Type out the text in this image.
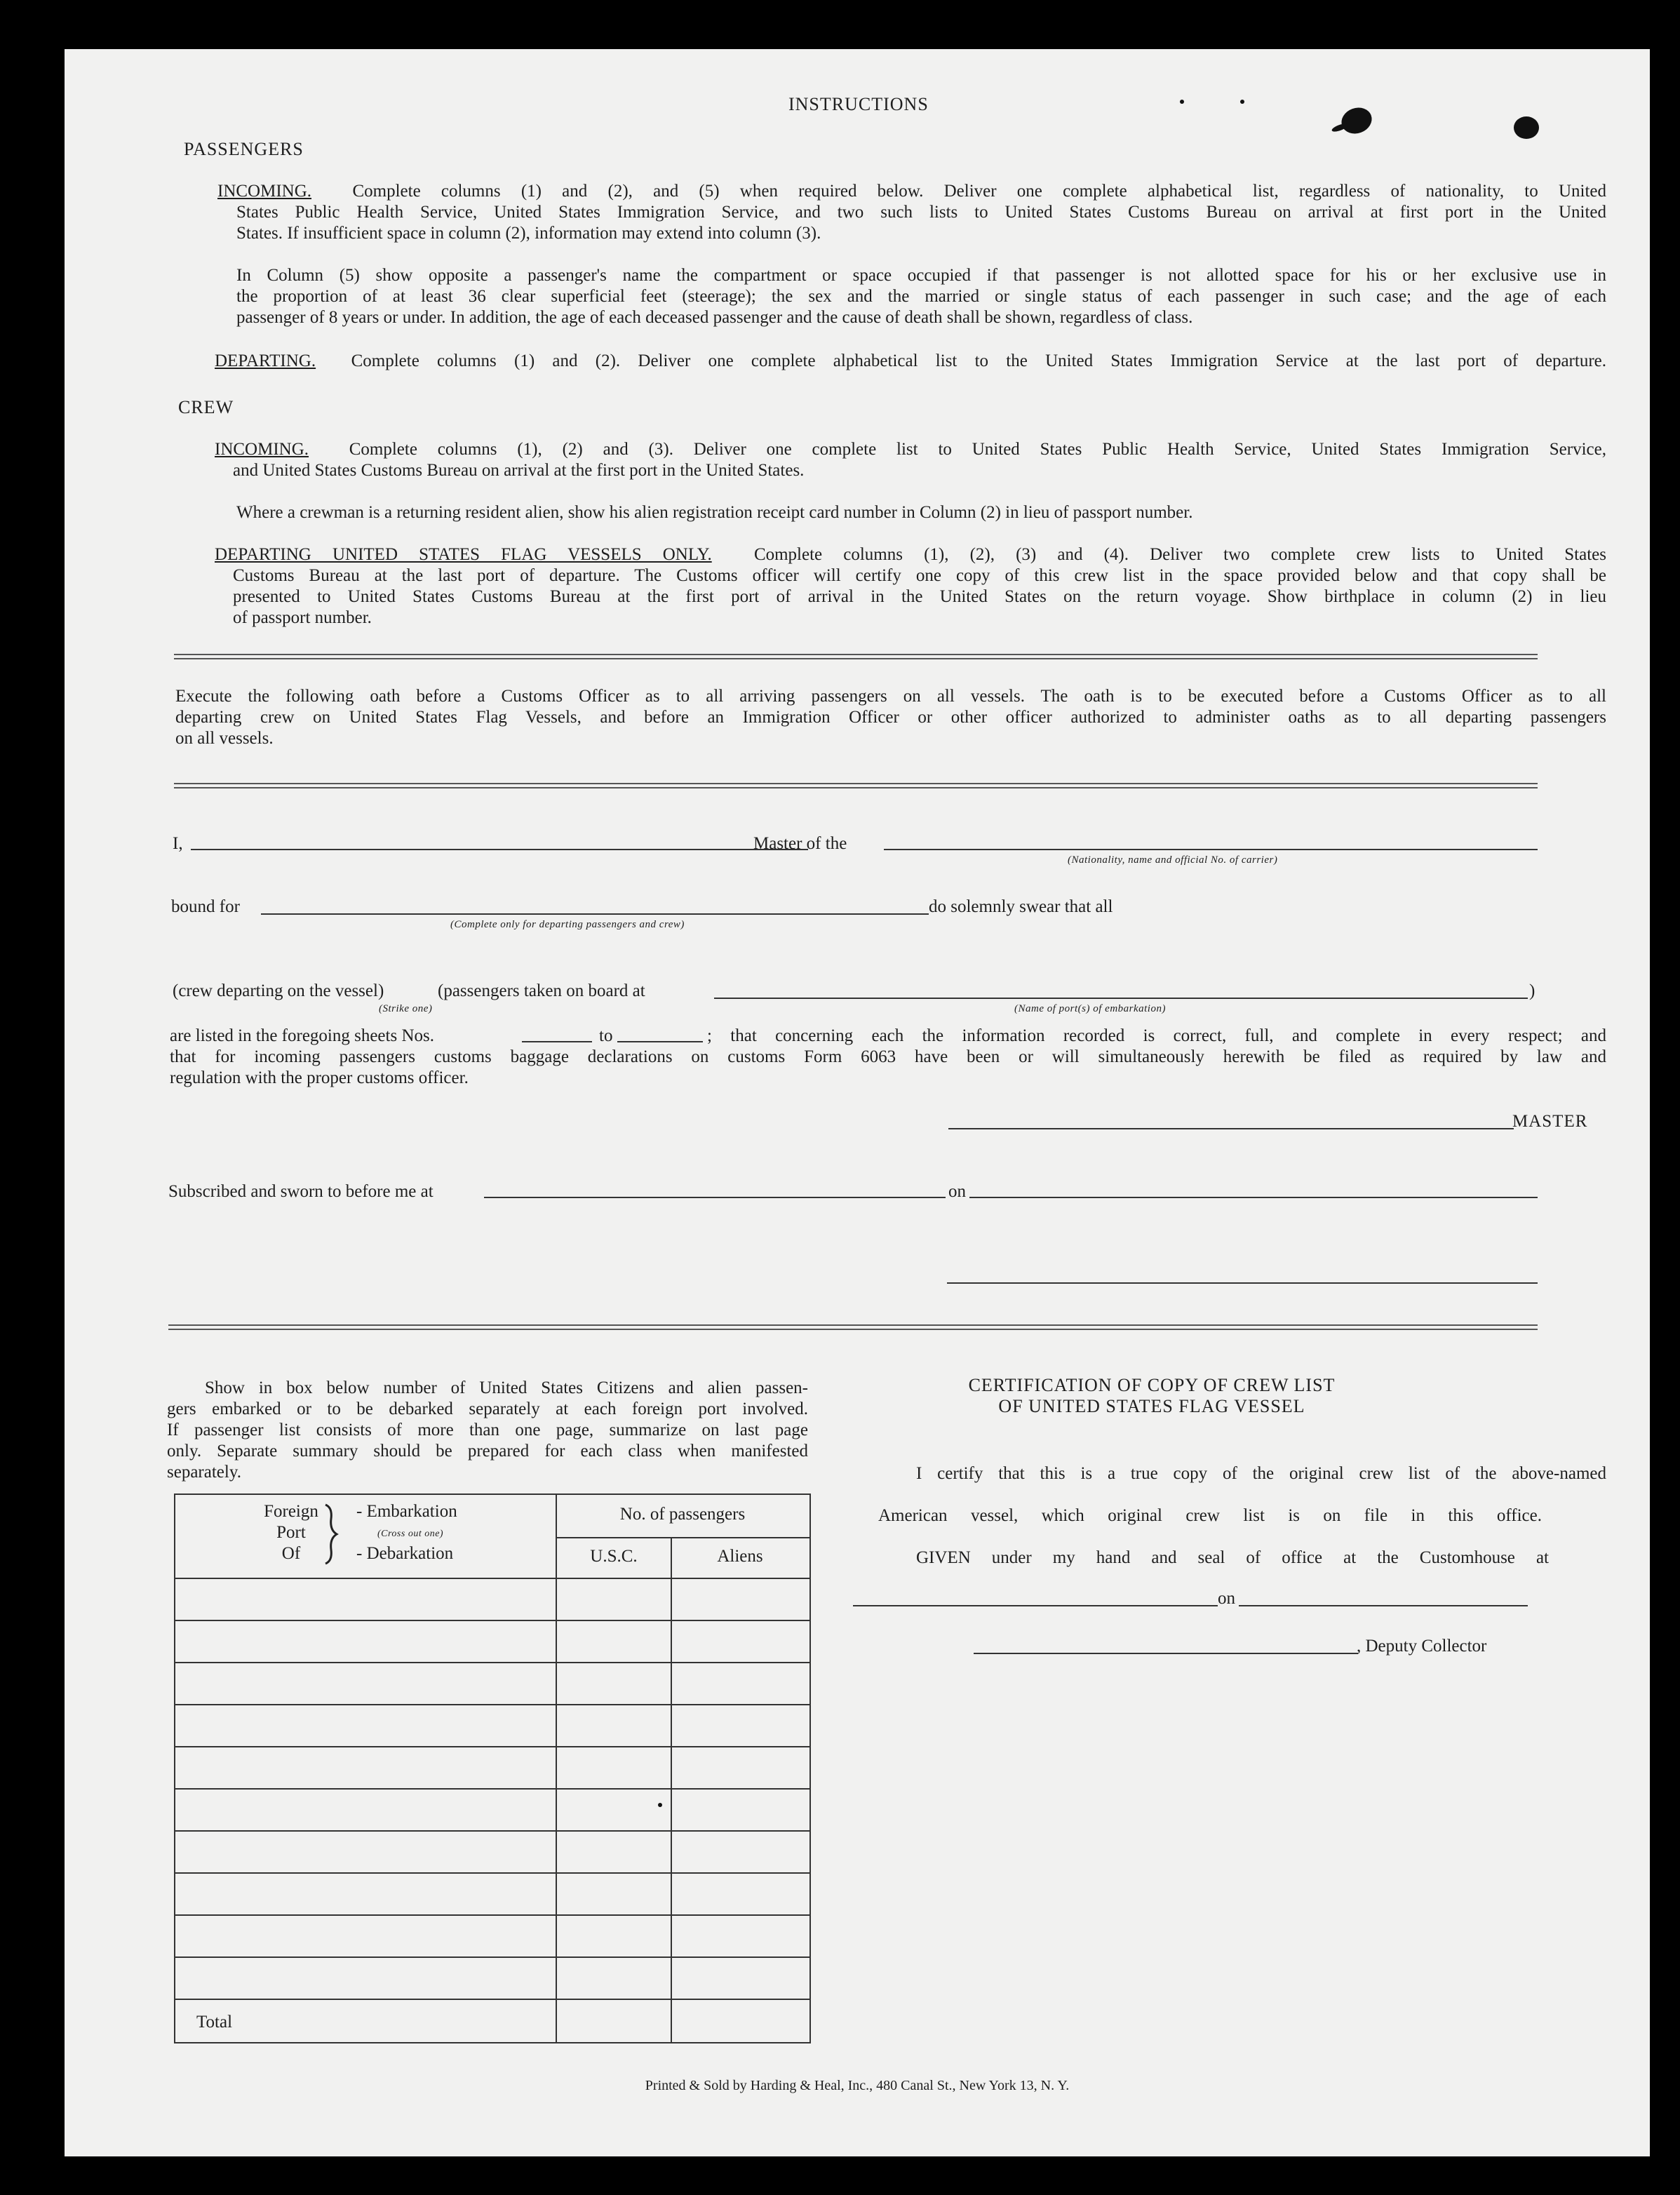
INSTRUCTIONS
PASSENGERS
INCOMING. Complete columns (1) and (2), and (5) when required below. Deliver one complete alphabetical list, regardless of nationality, to United
States Public Health Service, United States Immigration Service, and two such lists to United States Customs Bureau on arrival at first port in the United
States. If insufficient space in column (2), information may extend into column (3).
In Column (5) show opposite a passenger's name the compartment or space occupied if that passenger is not allotted space for his or her exclusive use in
the proportion of at least 36 clear superficial feet (steerage); the sex and the married or single status of each passenger in such case; and the age of each
passenger of 8 years or under. In addition, the age of each deceased passenger and the cause of death shall be shown, regardless of class.
DEPARTING. Complete columns (1) and (2). Deliver one complete alphabetical list to the United States Immigration Service at the last port of departure.
CREW
INCOMING. Complete columns (1), (2) and (3). Deliver one complete list to United States Public Health Service, United States Immigration Service,
and United States Customs Bureau on arrival at the first port in the United States.
Where a crewman is a returning resident alien, show his alien registration receipt card number in Column (2) in lieu of passport number.
DEPARTING UNITED STATES FLAG VESSELS ONLY. Complete columns (1), (2), (3) and (4). Deliver two complete crew lists to United States
Customs Bureau at the last port of departure. The Customs officer will certify one copy of this crew list in the space provided below and that copy shall be
presented to United States Customs Bureau at the first port of arrival in the United States on the return voyage. Show birthplace in column (2) in lieu
of passport number.
Execute the following oath before a Customs Officer as to all arriving passengers on all vessels. The oath is to be executed before a Customs Officer as to all
departing crew on United States Flag Vessels, and before an Immigration Officer or other officer authorized to administer oaths as to all departing passengers
on all vessels.
I,	Master of the
(Nationality, name and official No. of carrier)
bound for	do solemnly swear that all
(Complete only for departing passengers and crew)
(crew departing on the vessel)	(passengers taken on board at	)
(Strike one)	(Name of port(s) of embarkation)
are listed in the foregoing sheets Nos.	to	; that concerning each the information recorded is correct, full, and complete in every respect; and
that for incoming passengers customs baggage declarations on customs Form 6063 have been or will simultaneously herewith be filed as required by law and
regulation with the proper customs officer.
MASTER
Subscribed and sworn to before me at	on
Show in box below number of United States Citizens and alien passen-
gers embarked or to be debarked separately at each foreign port involved.
If passenger list consists of more than one page, summarize on last page
only. Separate summary should be prepared for each class when manifested
separately.
Foreign
Port
Of
- Embarkation
(Cross out one)
- Debarkation
No. of passengers
U.S.C.	Aliens
Total
CERTIFICATION OF COPY OF CREW LIST
OF UNITED STATES FLAG VESSEL
I certify that this is a true copy of the original crew list of the above-named
American vessel, which original crew list is on file in this office.
GIVEN under my hand and seal of office at the Customhouse at
on
, Deputy Collector
Printed & Sold by Harding & Heal, Inc., 480 Canal St., New York 13, N. Y.
